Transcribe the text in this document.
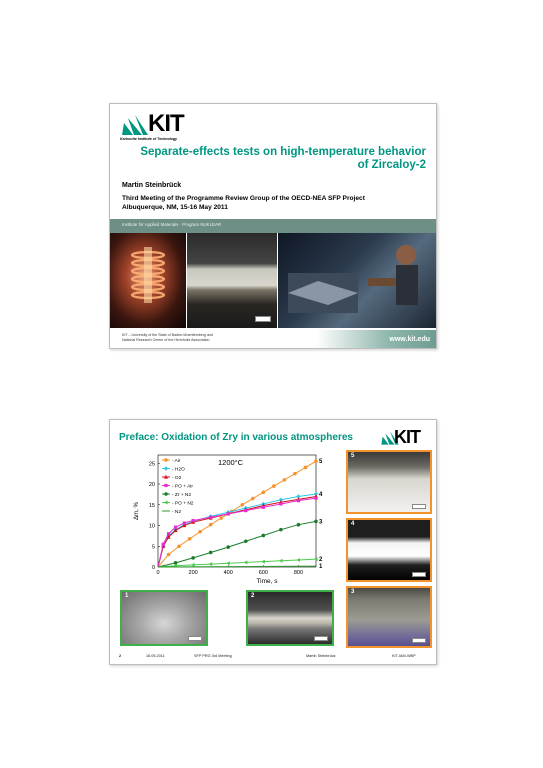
KIT
Karlsruhe Institute of Technology
Separate-effects tests on high-temperature behavior
of Zircaloy-2
Martin Steinbrück
Third Meeting of the Programme Review Group of the OECD-NEA SFP Project
Albuquerque, NM, 15-16 May 2011
Institute for Applied Materials · Program NUKLEAR
KIT – University of the State of Baden-Wuerttemberg and
National Research Center of the Helmholtz Association	www.kit.edu
Preface: Oxidation of Zry in various atmospheres KIT
0	200	400	600	800
0
5
10
15
20
25
Time, s
Δm, %
1200°C	5
- Air
4
- H2O
- O2
- PO + Air
3
- Zr + N2
2
- PO + N2
1
- N2
5
4
3
1	2
2	16.05.2011	SFP PRG 3rd Meeting	Martin Steinbrück	KIT-IAM-WBP
